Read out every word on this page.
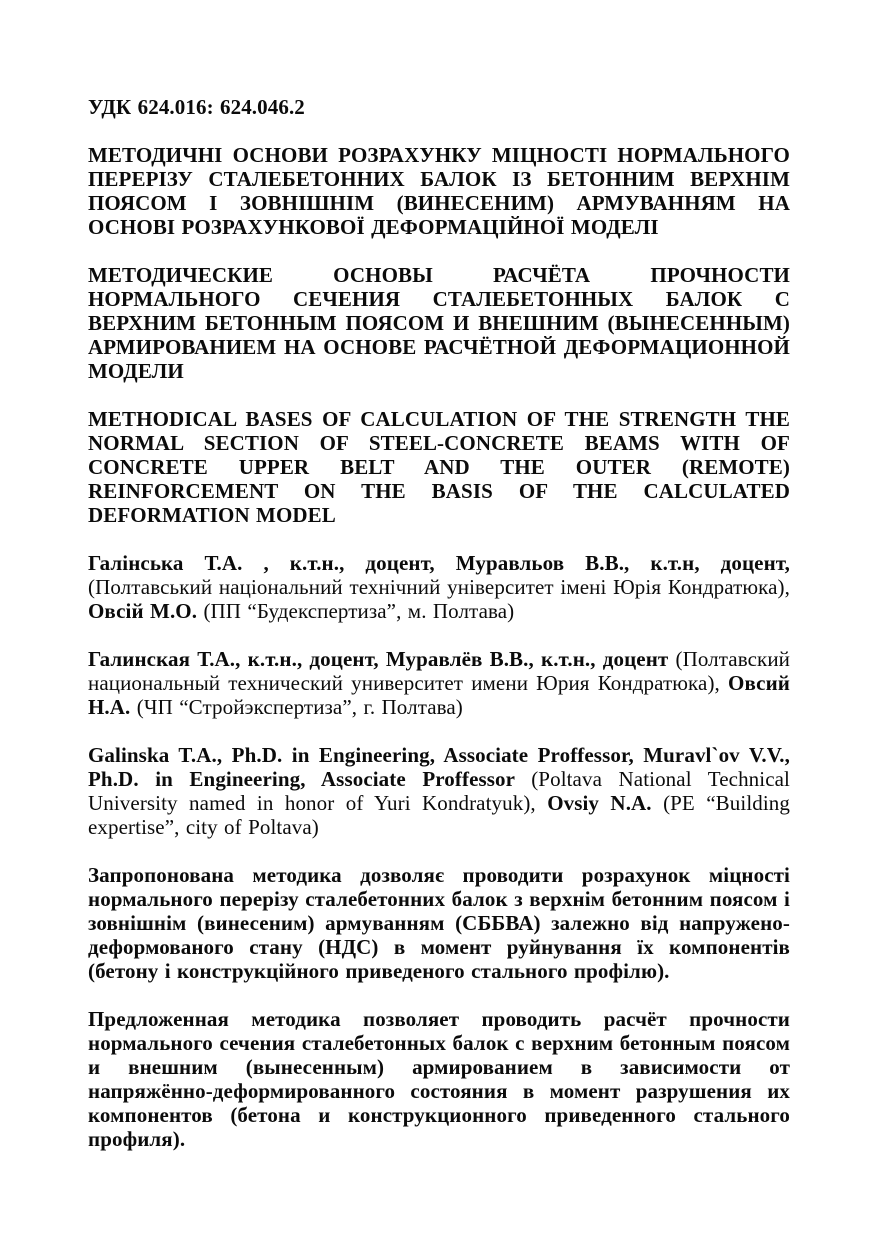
УДК 624.016: 624.046.2

МЕТОДИЧНІ ОСНОВИ РОЗРАХУНКУ МІЦНОСТІ НОРМАЛЬНОГО ПЕРЕРІЗУ СТАЛЕБЕТОННИХ БАЛОК ІЗ БЕТОННИМ ВЕРХНІМ ПОЯСОМ І ЗОВНІШНІМ (ВИНЕСЕНИМ) АРМУВАННЯМ НА ОСНОВІ РОЗРАХУНКОВОЇ ДЕФОРМАЦІЙНОЇ МОДЕЛІ

МЕТОДИЧЕСКИЕ ОСНОВЫ РАСЧЁТА ПРОЧНОСТИ НОРМАЛЬНОГО СЕЧЕНИЯ СТАЛЕБЕТОННЫХ БАЛОК С ВЕРХНИМ БЕТОННЫМ ПОЯСОМ И ВНЕШНИМ (ВЫНЕСЕННЫМ) АРМИРОВАНИЕМ НА ОСНОВЕ РАСЧЁТНОЙ ДЕФОРМАЦИОННОЙ МОДЕЛИ

METHODICAL BASES OF CALCULATION OF THE STRENGTH THE NORMAL SECTION OF STEEL-CONCRETE BEAMS WITH OF CONCRETE UPPER BELT AND THE OUTER (REMOTE) REINFORCEMENT ON THE BASIS OF THE CALCULATED DEFORMATION MODEL

Галінська Т.А. , к.т.н., доцент, Муравльов В.В., к.т.н, доцент, (Полтавський національний технічний університет імені Юрія Кондратюка), Овсій М.О. (ПП “Будекспертиза”, м. Полтава)

Галинская Т.А., к.т.н., доцент, Муравлёв В.В., к.т.н., доцент (Полтавский национальный технический университет имени Юрия Кондратюка), Овсий Н.А. (ЧП “Стройэкспертиза”, г. Полтава)

Galinska T.A., Ph.D. in Engineering, Associate Proffessor, Muravl`ov V.V., Ph.D. in Engineering, Associate Proffessor (Poltava National Technical University named in honor of Yuri Kondratyuk), Ovsiy N.A. (PE “Building expertise”, city of Poltava)

Запропонована методика дозволяє проводити розрахунок міцності нормального перерізу сталебетонних балок з верхнім бетонним поясом і зовнішнім (винесеним) армуванням (СББВА) залежно від напружено-деформованого стану (НДС) в момент руйнування їх компонентів (бетону і конструкційного приведеного стального профілю).

Предложенная методика позволяет проводить расчёт прочности нормального сечения сталебетонных балок с верхним бетонным поясом и внешним (вынесенным) армированием в зависимости от напряжённо-деформированного состояния в момент разрушения их компонентов (бетона и конструкционного приведенного стального профиля).
